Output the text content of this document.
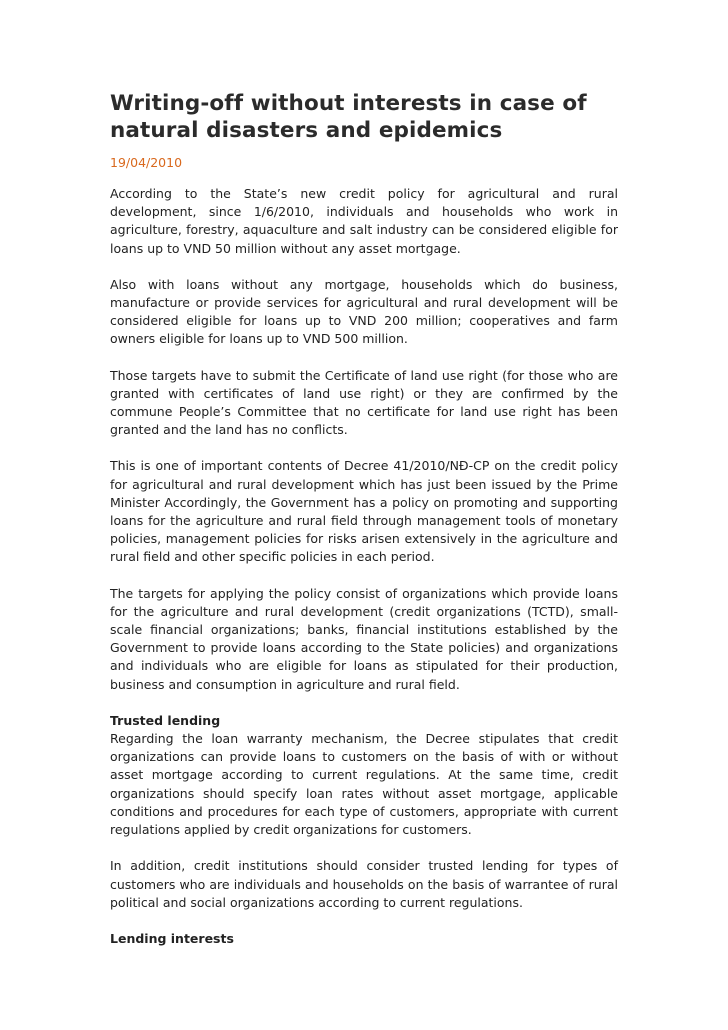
Writing-off without interests in case of natural disasters and epidemics
19/04/2010

According to the State’s new credit policy for agricultural and rural development, since 1/6/2010, individuals and households who work in agriculture, forestry, aquaculture and salt industry can be considered eligible for loans up to VND 50 million without any asset mortgage.

Also with loans without any mortgage, households which do business, manufacture or provide services for agricultural and rural development will be considered eligible for loans up to VND 200 million; cooperatives and farm owners eligible for loans up to VND 500 million.

Those targets have to submit the Certificate of land use right (for those who are granted with certificates of land use right) or they are confirmed by the commune People’s Committee that no certificate for land use right has been granted and the land has no conflicts.

This is one of important contents of Decree 41/2010/NĐ-CP on the credit policy for agricultural and rural development which has just been issued by the Prime Minister Accordingly, the Government has a policy on promoting and supporting loans for the agriculture and rural field through management tools of monetary policies, management policies for risks arisen extensively in the agriculture and rural field and other specific policies in each period.

The targets for applying the policy consist of organizations which provide loans for the agriculture and rural development (credit organizations (TCTD), small-scale financial organizations; banks, financial institutions established by the Government to provide loans according to the State policies) and organizations and individuals who are eligible for loans as stipulated for their production, business and consumption in agriculture and rural field.

Trusted lending

Regarding the loan warranty mechanism, the Decree stipulates that credit organizations can provide loans to customers on the basis of with or without asset mortgage according to current regulations. At the same time, credit organizations should specify loan rates without asset mortgage, applicable conditions and procedures for each type of customers, appropriate with current regulations applied by credit organizations for customers.

In addition, credit institutions should consider trusted lending for types of customers who are individuals and households on the basis of warrantee of rural political and social organizations according to current regulations.

Lending interests
